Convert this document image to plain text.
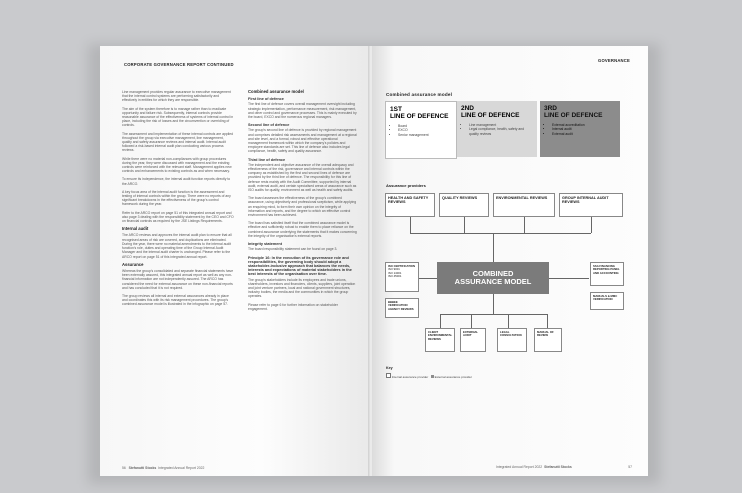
CORPORATE GOVERNANCE REPORT CONTINUED

Line management provides regular assurance to executive management that the internal control systems are performing satisfactorily and effectively in entities for which they are responsible.

The aim of the system therefore is to manage rather than to eradicate opportunity and failure risk. Subsequently, internal controls provide reasonable assurance of the effectiveness of systems of internal control in place, including the risk of losses and the circumvention or overriding of controls.

The assessment and implementation of these internal controls are applied throughout the group via executive management, line management, quality and safety assurance reviews and internal audit. Internal audit followed a risk-based internal audit plan conducting various process reviews.

While there were no material non-compliances with group procedures during the year, they were discussed with management and the existing controls were reinforced with the relevant staff. Management applies new controls and enhancements to existing controls as and when necessary.

To ensure its independence, the internal audit function reports directly to the ARCO.

A key focus area of the internal audit function is the assessment and testing of internal controls within the group. There were no reports of any significant breakdowns in the effectiveness of the group's control framework during the year.

Refer to the ARCO report on page 51 of this integrated annual report and also page 3 dealing with the responsibility statement by the CEO and CFO on financial controls as required by the JSE Listings Requirements.

Internal audit

The ARCO reviews and approves the internal audit plan to ensure that all recognised areas of risk are covered, and duplications are eliminated. During the year, there were no material amendments to the internal audit function's role, duties and operating time of the Group Internal Audit Manager and the internal audit charter is unchanged. Please refer to the ARCO report on page 51 of this integrated annual report.

Assurance

Whereas the group's consolidated and separate financial statements have been externally assured, this integrated annual report as well as any non-financial information are not independently assured. The ARCO has considered the need for external assurance on these non-financial reports and has concluded that it is not required.

The group reviews all internal and external assurances already in place and coordinates this with its risk management procedures. The group's combined assurance model is illustrated in the infographic on page 57.

Combined assurance model
First line of defence

The first line of defence covers overall management oversight including strategic implementation, performance measurement, risk management, and other control and governance processes. This is mainly executed by the board, EXCO and the numerous regional managers.

Second line of defence

The group's second line of defence is provided by regional management and comprises detailed risk assessments and management at a regional and site level, and a formal, robust and effective operational management framework within which the company's policies and employee standards are set. This line of defence also includes legal compliance, health, safety and quality assurance.

Third line of defence

The independent and objective assurance of the overall adequacy and effectiveness of the risk, governance and internal controls within the company as established by the first and second lines of defence are provided by the third line of defence. The responsibility for this line of defence rests mainly with the Audit Committee, supported by internal audit, external audit, and certain specialised areas of assurance such as ISO audits for quality, environment as well as health and safety audits.

The board assesses the effectiveness of the group's combined assurance, using objectively and professional scepticism, while applying an enquiring mind, to form their own opinion on the integrity of information and reports, and the degree to which an effective control environment has been achieved.

The board has satisfied itself that the combined assurance model is effective and sufficiently robust to enable them to place reliance on the combined assurance underlying the statements that it makes concerning the integrity of the organisation's external reports.

Integrity statement

The board responsibility statement can be found on page 3.

Principle 16: In the execution of its governance role and responsibilities, the governing body should adopt a stakeholder-inclusive approach that balances the needs, interests and expectations of material stakeholders in the best interests of the organisation over time.

The group's stakeholders include its employees and trade unions, shareholders, investors and financiers, clients, suppliers, joint operation and joint venture partners, local and national government structures, industry bodies, the media and the communities in which the group operates.

Please refer to page 6 for further information on stakeholder engagement.

56 Stefanutti Stocks Integrated Annual Report 2022
GOVERNANCE
Combined assurance model
1ST
LINE OF DEFENCE
• Board
• EXCO
• Senior management
2ND
LINE OF DEFENCE
• Line management
• Legal compliance, health, safety and quality reviews
3RD
LINE OF DEFENCE
• External accreditation
• Internal audit
• External audit
Assurance providers
HEALTH AND SAFETY REVIEWS
QUALITY REVIEWS	ENVIRONMENTAL REVIEWS	GROUP INTERNAL AUDIT REVIEWS
COMBINED
ASSURANCE MODEL
ISO CERTIFICATION
ISO 9001
ISO 14001
ISO 45001
BBBEE VERIFICATION AGENCY REVIEWS
SSA FINANCING REPORTING PANEL AND ACCOUNTING
MANUALS & MMC VERIFICATION
CLIENT ENVIRONMENTAL REVIEWS
EXTERNAL AUDIT
LEGAL CONSULTATION
MANUAL OF REVIEW
Key
Internal assurance provider External assurance provider
Integrated Annual Report 2022 Stefanutti Stocks	57
